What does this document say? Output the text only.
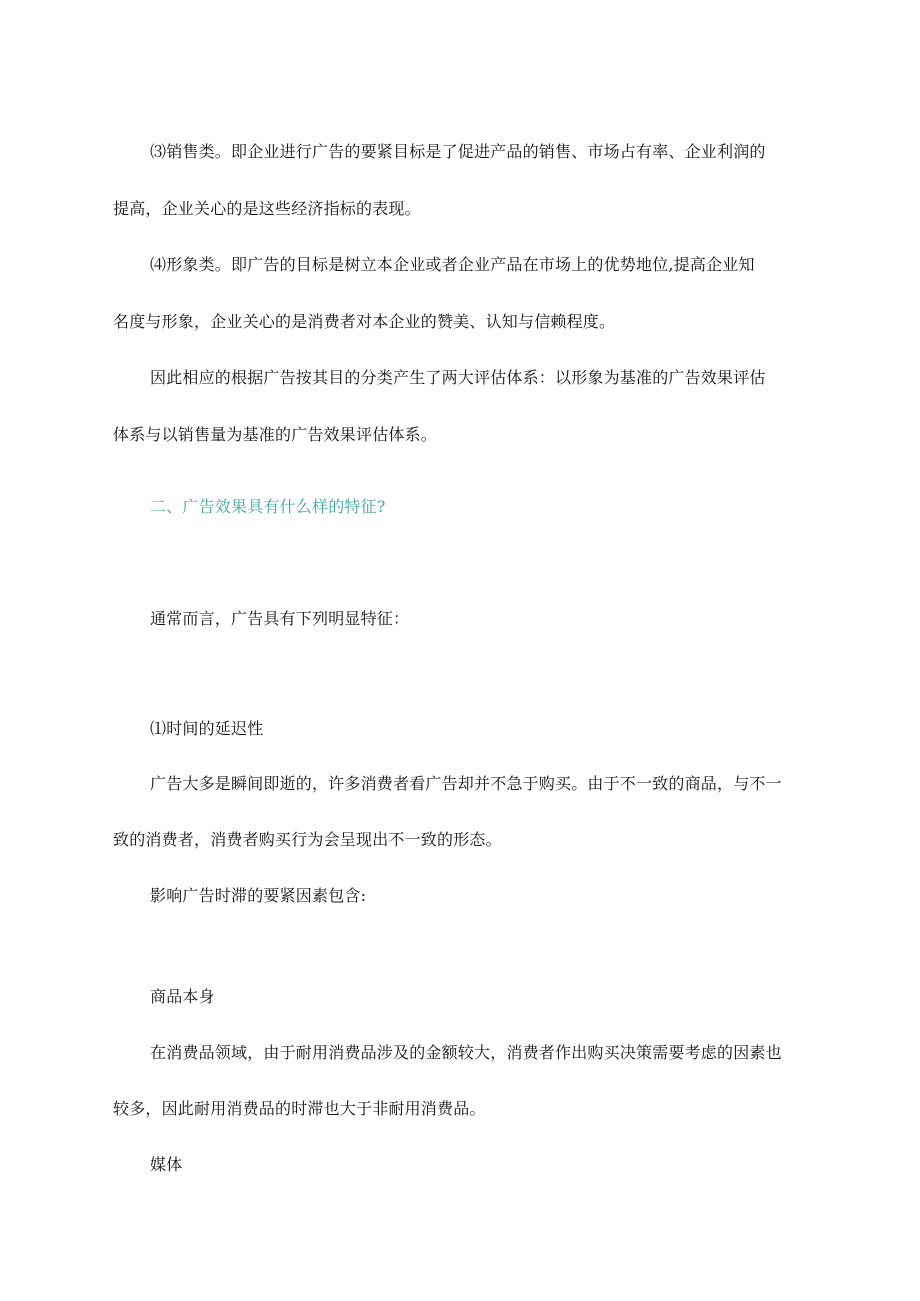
⑶销售类。即企业进行广告的要紧目标是了促进产品的销售、市场占有率、企业利润的
提高，企业关心的是这些经济指标的表现。
⑷形象类。即广告的目标是树立本企业或者企业产品在市场上的优势地位,提高企业知
名度与形象，企业关心的是消费者对本企业的赞美、认知与信赖程度。
因此相应的根据广告按其目的分类产生了两大评估体系：以形象为基准的广告效果评估
体系与以销售量为基准的广告效果评估体系。
二、广告效果具有什么样的特征?
通常而言，广告具有下列明显特征：
⑴时间的延迟性
广告大多是瞬间即逝的，许多消费者看广告却并不急于购买。由于不一致的商品，与不一
致的消费者，消费者购买行为会呈现出不一致的形态。
影响广告时滞的要紧因素包含:
商品本身
在消费品领域，由于耐用消费品涉及的金额较大，消费者作出购买决策需要考虑的因素也
较多，因此耐用消费品的时滞也大于非耐用消费品。
媒体
